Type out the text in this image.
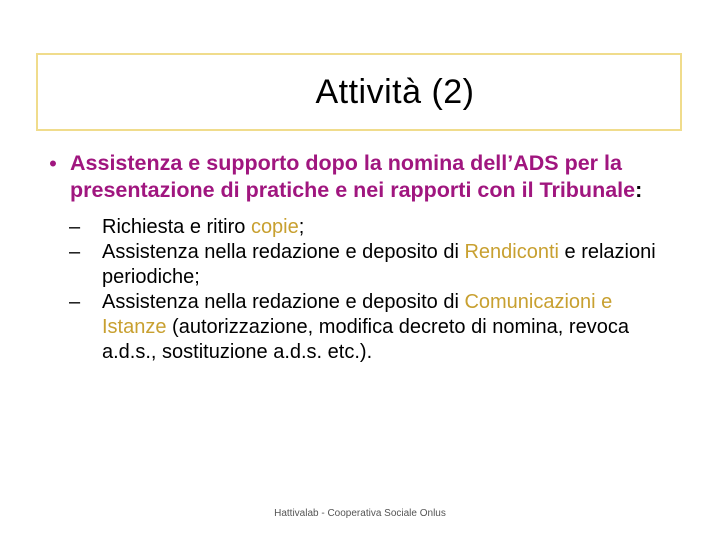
Attività (2)
• Assistenza e supporto dopo la nomina dell’ADS per la presentazione di pratiche e nei rapporti con il Tribunale:
–	Richiesta e ritiro copie;
–	Assistenza nella redazione e deposito di Rendiconti e relazioni periodiche;
–	Assistenza nella redazione e deposito di Comunicazioni e Istanze (autorizzazione, modifica decreto di nomina, revoca a.d.s., sostituzione a.d.s. etc.).
Hattivalab - Cooperativa Sociale Onlus
